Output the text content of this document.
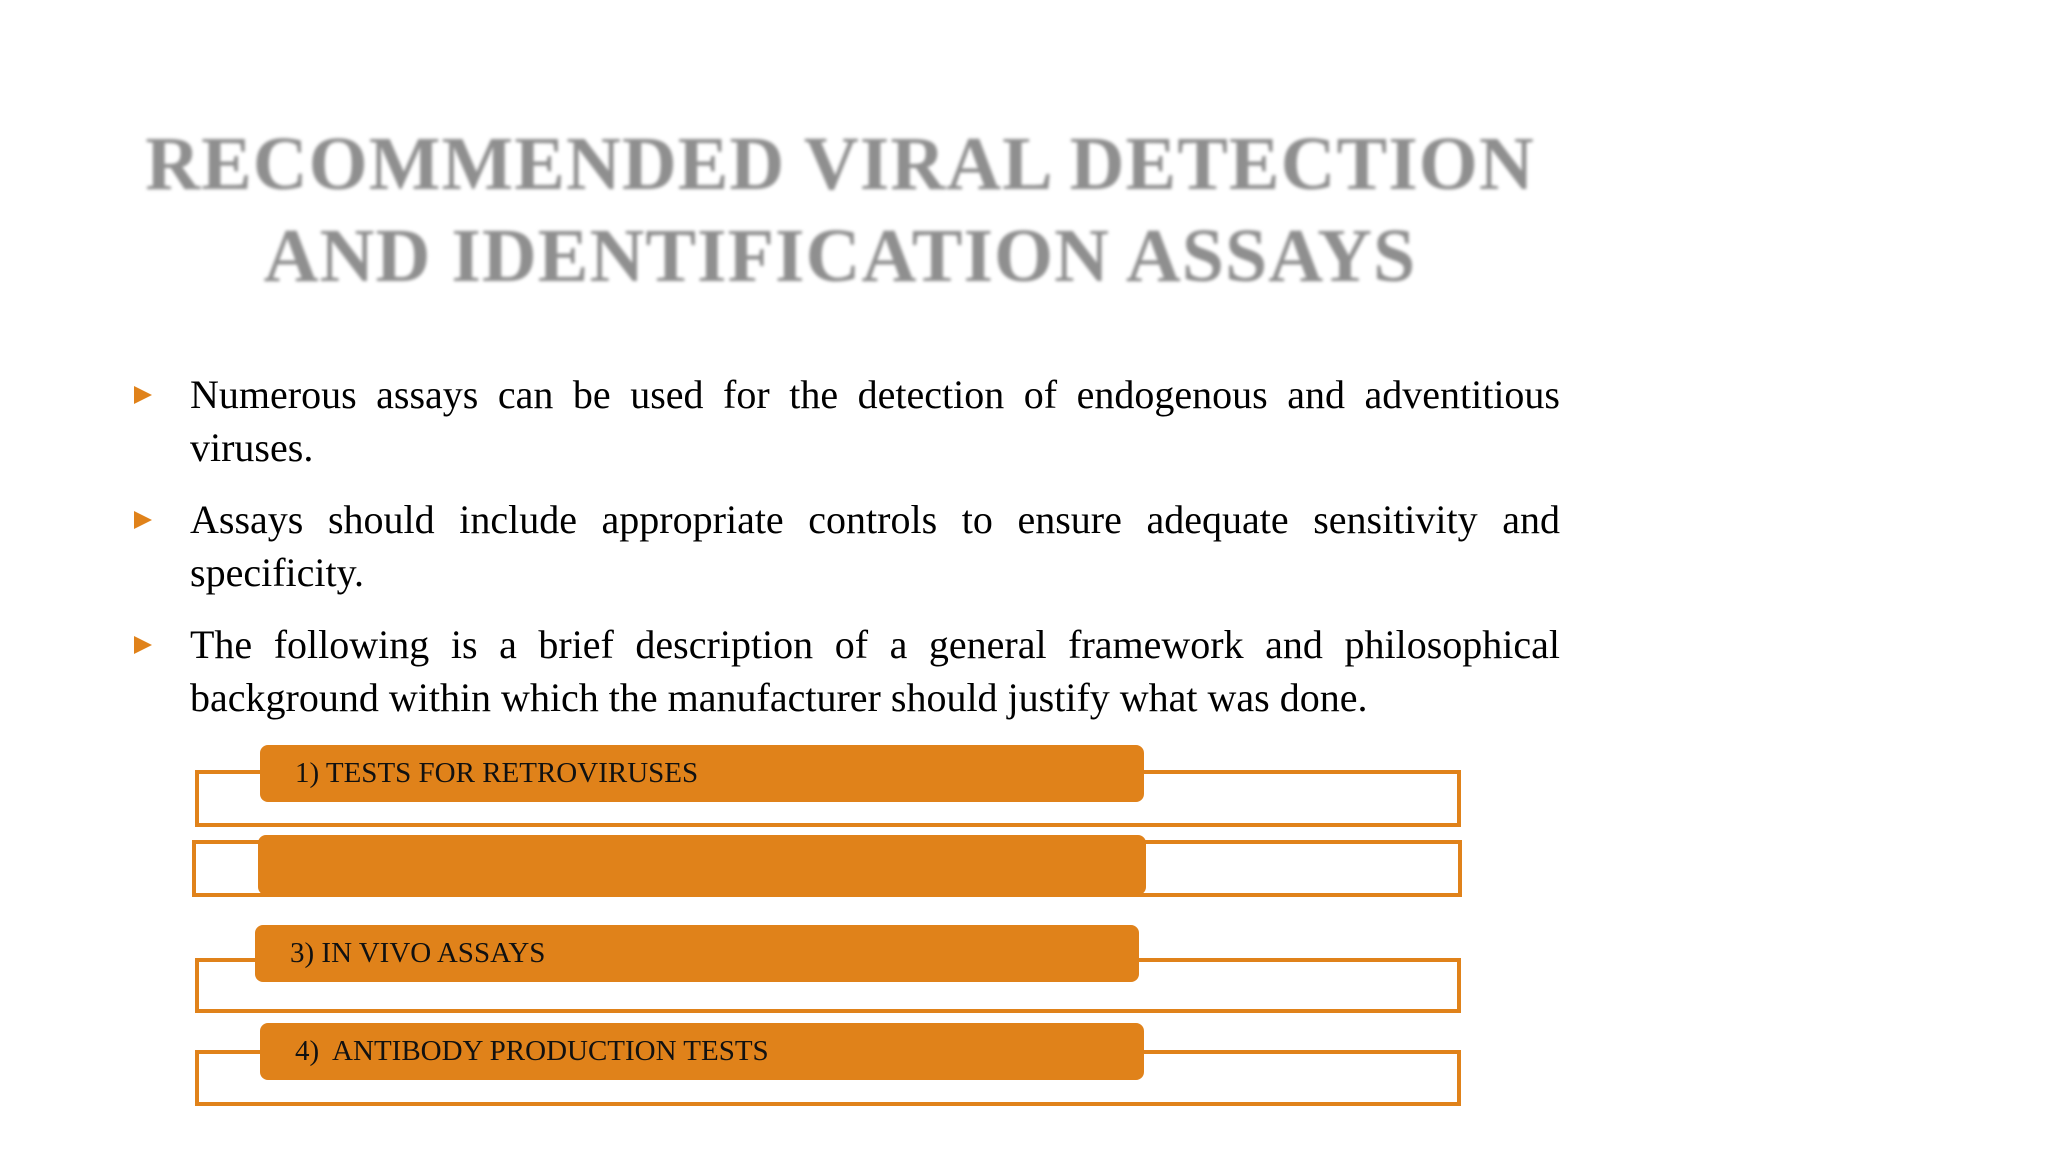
RECOMMENDED VIRAL DETECTION
AND IDENTIFICATION ASSAYS
Numerous assays can be used for the detection of endogenous and adventitious viruses.
Assays should include appropriate controls to ensure adequate sensitivity and specificity.
The following is a brief description of a general framework and philosophical background within which the manufacturer should justify what was done.
1) TESTS FOR RETROVIRUSES
3) IN VIVO ASSAYS
4)  ANTIBODY PRODUCTION TESTS
